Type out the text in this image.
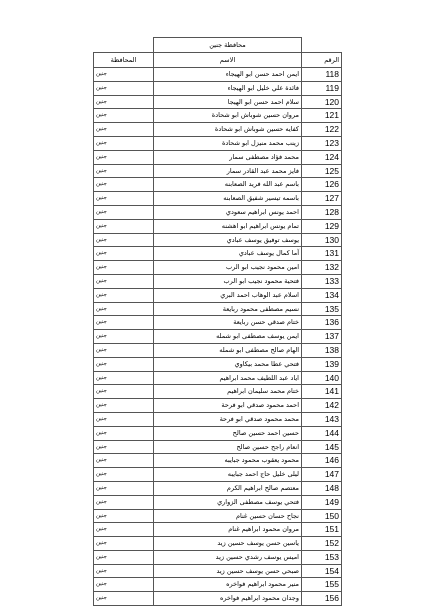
	محافظة جنين	
المحافظة	الاسم	الرقم
جنين	ايمن احمد حسن ابو الهيجاء	118
جنين	فائدة علي خليل ابو الهيجاء	119
جنين	سلام احمد حسن ابو الهيجا	120
جنين	مروان حسين شوباش ابو شحادة	121
جنين	كفايه حسين شوباش ابو شحادة	122
جنين	زينب محمد منيزل ابو شحادة	123
جنين	محمد فؤاد مصطفى سمار	124
جنين	فايز محمد عبد القادر سمار	125
جنين	باسم عبد الله فريد الصعابنه	126
جنين	باسمه تيسير شفيق الصعابنه	127
جنين	احمد يونس ابراهيم سعودي	128
جنين	تمام يونس ابراهيم ابو اهشنه	129
جنين	يوسف توفيق يوسف عبادي	130
جنين	آما كمال يوسف عبادي	131
جنين	امين محمود نجيب ابو الرب	132
جنين	فتحية محمود نجيب ابو الرب	133
جنين	اسلام عبد الوهاب احمد البري	134
جنين	نسيم مصطفى محمود ربايعة	135
جنين	ختام صدقي حسن ربايعة	136
جنين	ايمن يوسف مصطفى ابو شمله	137
جنين	الهام صالح مصطفى ابو شمله	138
جنين	فتحي عطا محمد بيكاوي	139
جنين	اياد عبد اللطيف محمد ابراهيم	140
جنين	ختام محمد سليمان ابراهيم	141
جنين	احمد محمود صدقي ابو فرحة	142
جنين	محمد محمود صدقي ابو فرحة	143
جنين	حسين احمد حسين صالح	144
جنين	انعام راجح حسين صالح	145
جنين	محمود يعقوب محمود جبايبه	146
جنين	ليلى خليل حاج احمد جبايبه	147
جنين	معتصم صالح ابراهيم الكرم	148
جنين	فتحي يوسف مصطفى الزواري	149
جنين	نجاح حسان حسين غنام	150
جنين	مروان محمود ابراهيم غنام	151
جنين	ياسين حسن يوسف حسين زيد	152
جنين	اميس يوسف رشدي حسين زيد	153
جنين	صبحي حسن يوسف حسين زيد	154
جنين	منير محمود ابراهيم فواخره	155
جنين	وجدان محمود ابراهيم فواخره	156
